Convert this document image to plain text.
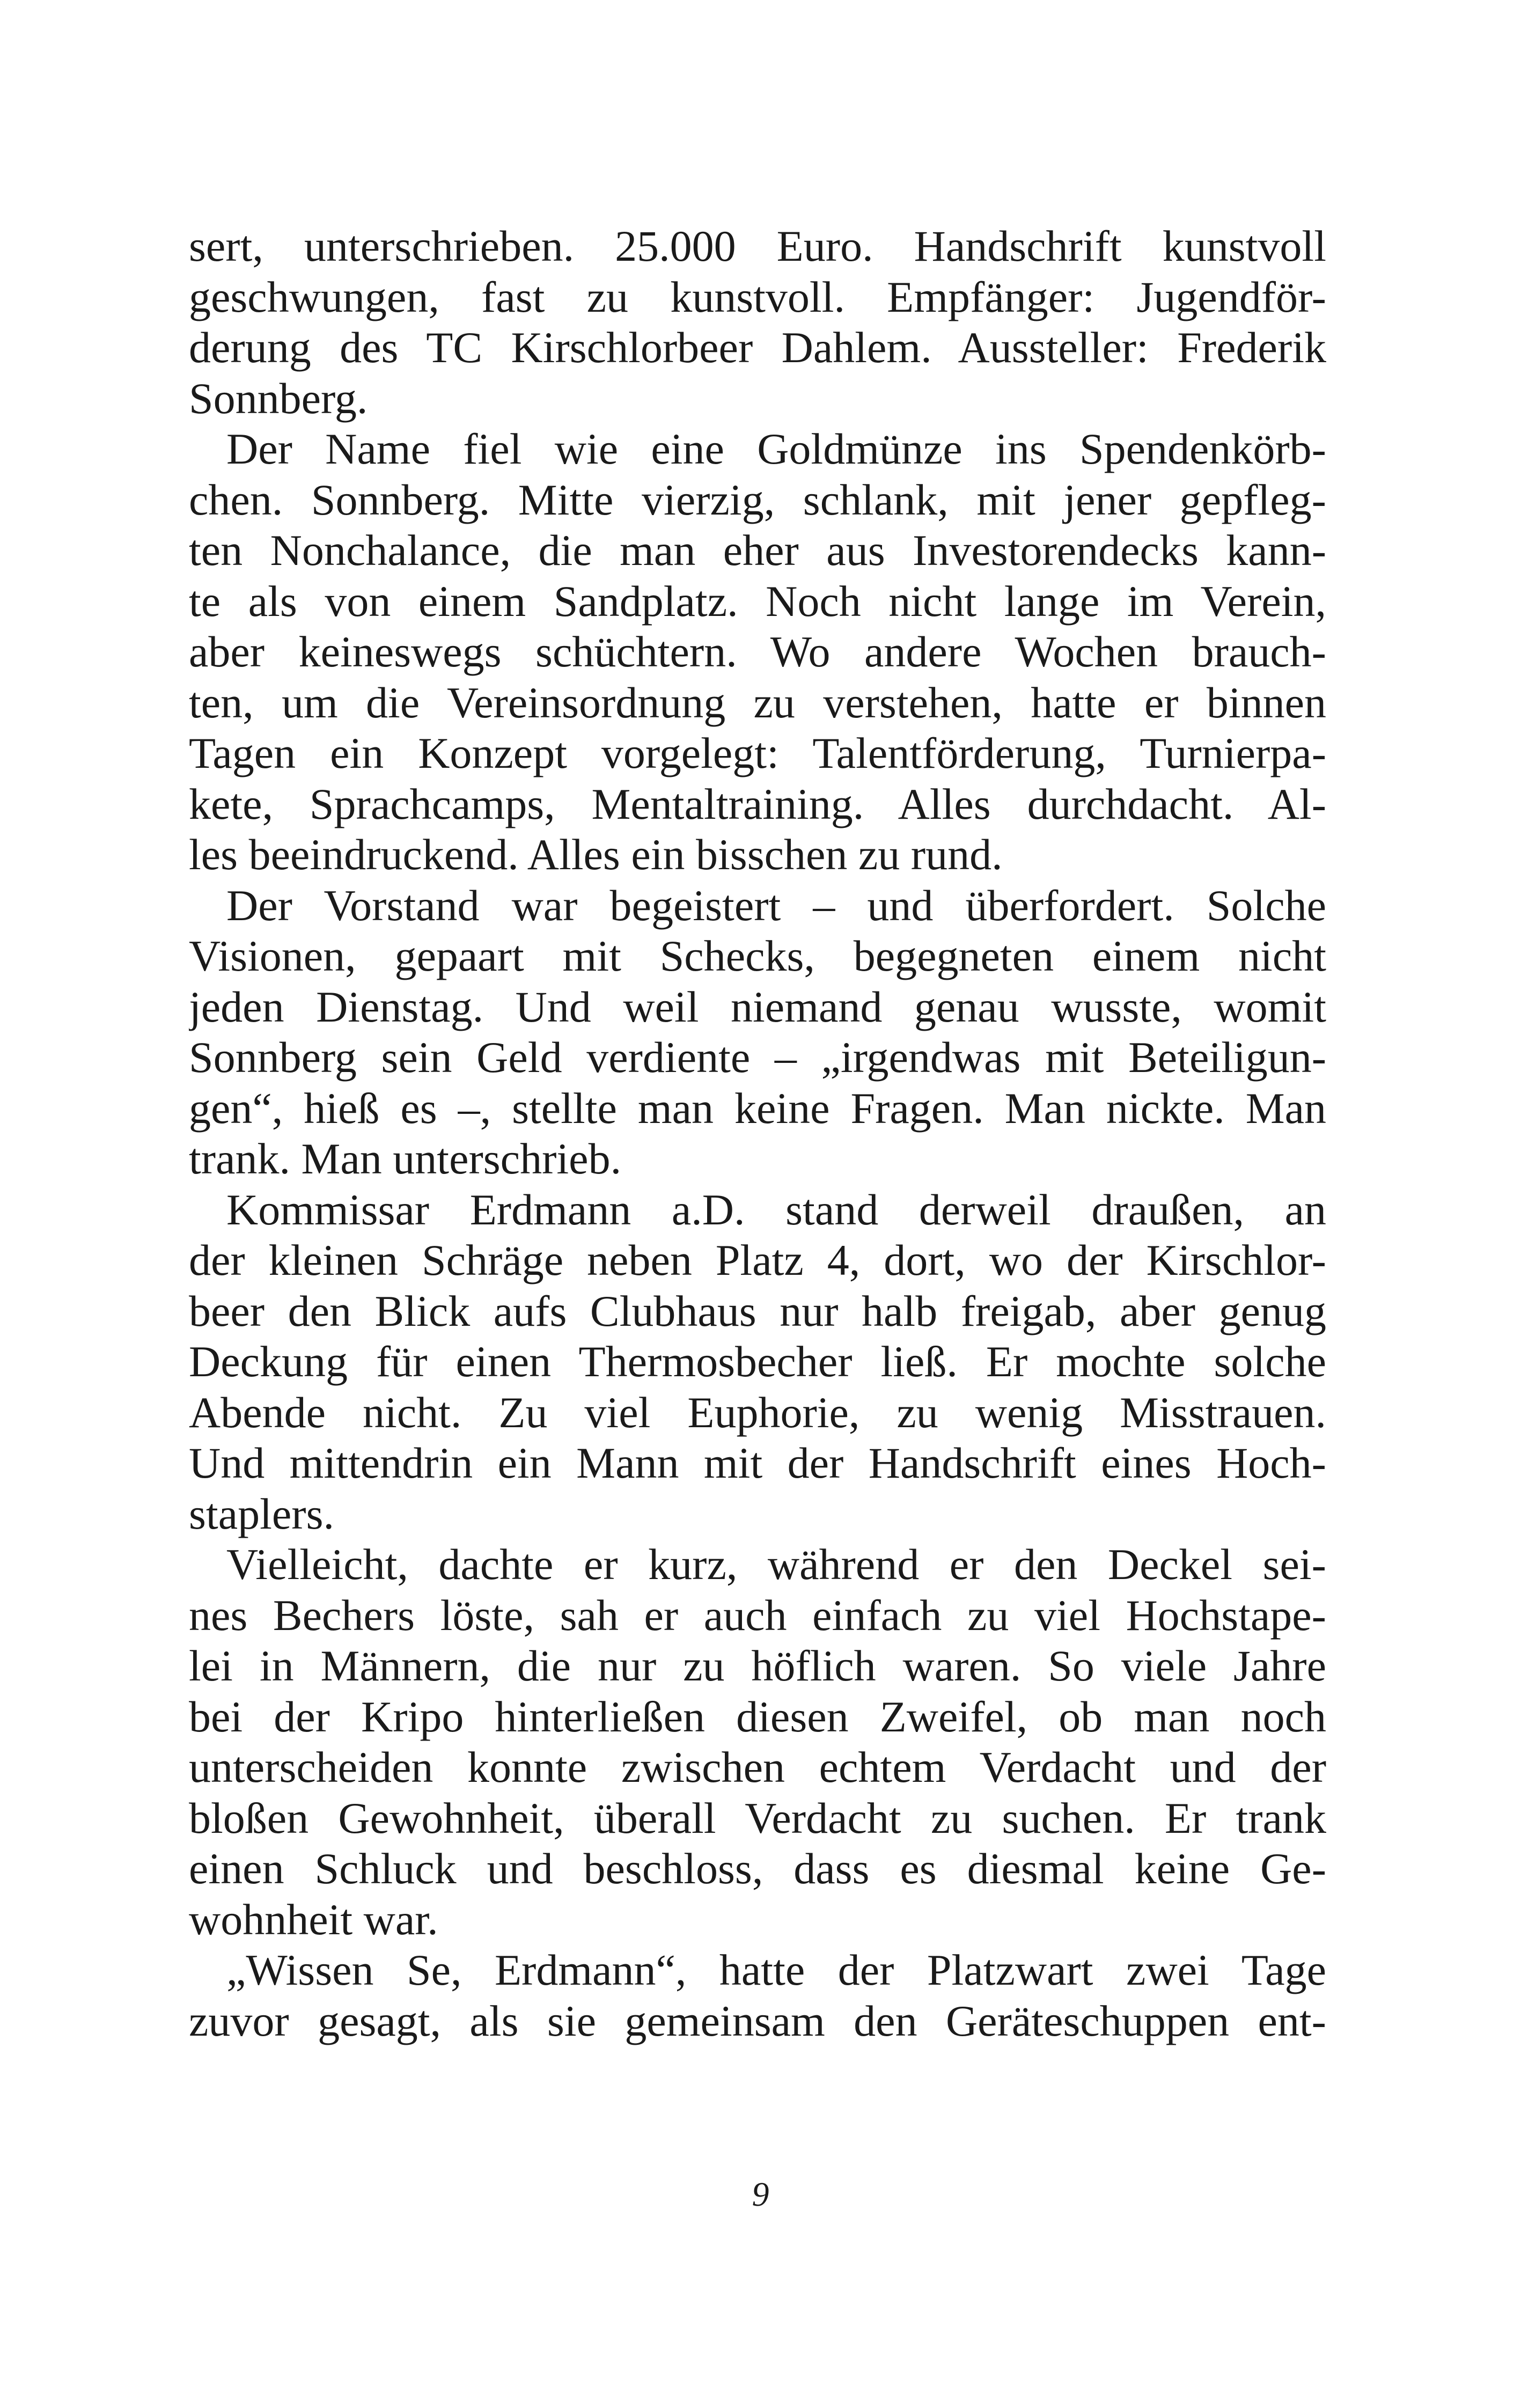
sert, unterschrieben. 25.000 Euro. Handschrift kunstvoll
geschwungen, fast zu kunstvoll. Empfänger: Jugendför-
derung des TC Kirschlorbeer Dahlem. Aussteller: Frederik
Sonnberg.
Der Name fiel wie eine Goldmünze ins Spendenkörb-
chen. Sonnberg. Mitte vierzig, schlank, mit jener gepfleg-
ten Nonchalance, die man eher aus Investorendecks kann-
te als von einem Sandplatz. Noch nicht lange im Verein,
aber keineswegs schüchtern. Wo andere Wochen brauch-
ten, um die Vereinsordnung zu verstehen, hatte er binnen
Tagen ein Konzept vorgelegt: Talentförderung, Turnierpa-
kete, Sprachcamps, Mentaltraining. Alles durchdacht. Al-
les beeindruckend. Alles ein bisschen zu rund.
Der Vorstand war begeistert – und überfordert. Solche
Visionen, gepaart mit Schecks, begegneten einem nicht
jeden Dienstag. Und weil niemand genau wusste, womit
Sonnberg sein Geld verdiente – „irgendwas mit Beteiligun-
gen“, hieß es –, stellte man keine Fragen. Man nickte. Man
trank. Man unterschrieb.
Kommissar Erdmann a.D. stand derweil draußen, an
der kleinen Schräge neben Platz 4, dort, wo der Kirschlor-
beer den Blick aufs Clubhaus nur halb freigab, aber genug
Deckung für einen Thermosbecher ließ. Er mochte solche
Abende nicht. Zu viel Euphorie, zu wenig Misstrauen.
Und mittendrin ein Mann mit der Handschrift eines Hoch-
staplers.
Vielleicht, dachte er kurz, während er den Deckel sei-
nes Bechers löste, sah er auch einfach zu viel Hochstape-
lei in Männern, die nur zu höflich waren. So viele Jahre
bei der Kripo hinterließen diesen Zweifel, ob man noch
unterscheiden konnte zwischen echtem Verdacht und der
bloßen Gewohnheit, überall Verdacht zu suchen. Er trank
einen Schluck und beschloss, dass es diesmal keine Ge-
wohnheit war.
„Wissen Se, Erdmann“, hatte der Platzwart zwei Tage
zuvor gesagt, als sie gemeinsam den Geräteschuppen ent-
9
